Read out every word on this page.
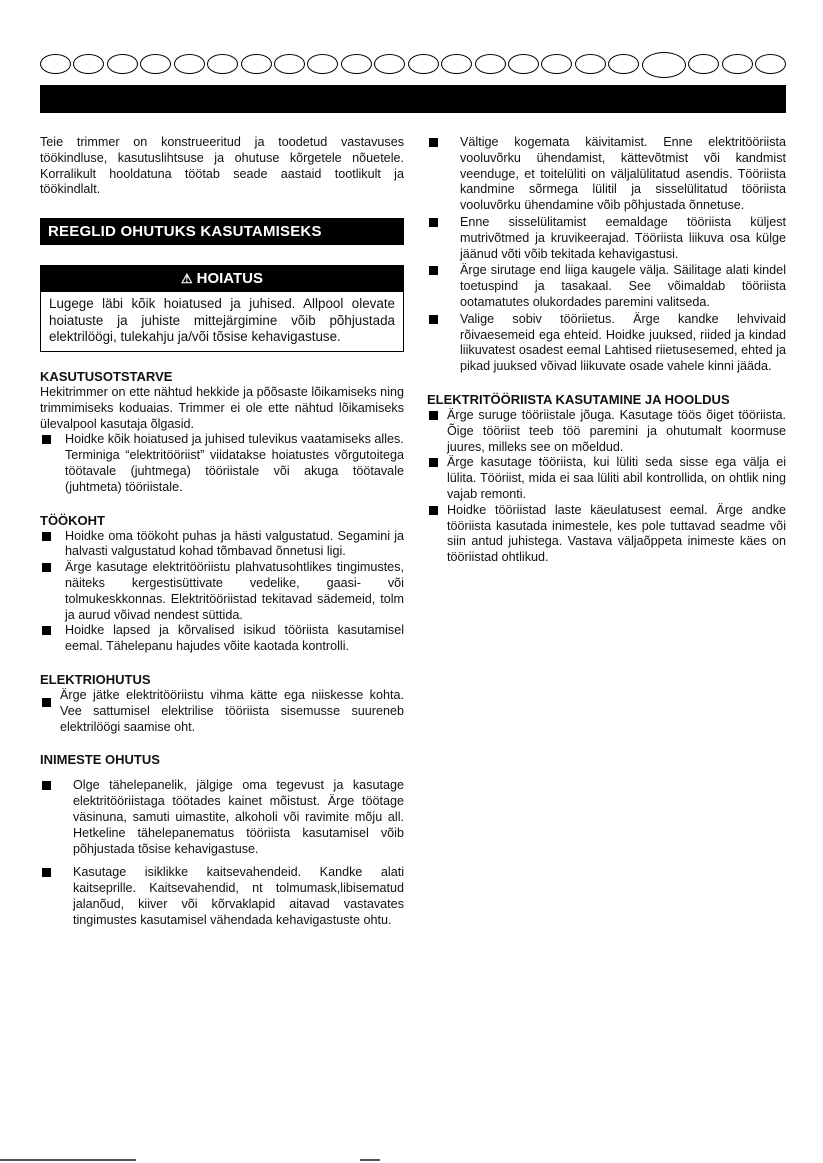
Teie trimmer on konstrueeritud ja toodetud vastavuses töökindluse, kasutuslihtsuse ja ohutuse kõrgetele nõuetele. Korralikult hooldatuna töötab seade aastaid tootlikult ja töökindlalt.

REEGLID OHUTUKS KASUTAMISEKS
⚠ HOIATUS
Lugege läbi kõik hoiatused ja juhised. Allpool olevate hoiatuste ja juhiste mittejärgimine võib põhjustada elektrilöögi, tulekahju ja/või tõsise kehavigastuse.
KASUTUSOTSTARVE

Hekitrimmer on ette nähtud hekkide ja põõsaste lõikamiseks ning trimmimiseks koduaias. Trimmer ei ole ette nähtud lõikamiseks ülevalpool kasutaja õlgasid.

Hoidke kõik hoiatused ja juhised tulevikus vaatamiseks alles.

Terminiga “elektritööriist” viidatakse hoiatustes võrgutoitega töötavale (juhtmega) tööriistale või akuga töötavale (juhtmeta) tööriistale.

TÖÖKOHT
Hoidke oma töökoht puhas ja hästi valgustatud. Segamini ja halvasti valgustatud kohad tõmbavad õnnetusi ligi.
Ärge kasutage elektritööriistu plahvatusohtlikes tingimustes, näiteks kergestisüttivate vedelike, gaasi- või tolmukeskkonnas. Elektritööriistad tekitavad sädemeid, tolm ja aurud võivad nendest süttida.
Hoidke lapsed ja kõrvalised isikud tööriista kasutamisel eemal. Tähelepanu hajudes võite kaotada kontrolli.
ELEKTRIOHUTUS
Ärge jätke elektritööriistu vihma kätte ega niiskesse kohta. Vee sattumisel elektrilise tööriista sisemusse suureneb elektrilöögi saamise oht.
INIMESTE OHUTUS
Olge tähelepanelik, jälgige oma tegevust ja kasutage elektritööriistaga töötades kainet mõistust. Ärge töötage väsinuna, samuti uimastite, alkoholi või ravimite mõju all. Hetkeline tähelepanematus tööriista kasutamisel võib põhjustada tõsise kehavigastuse.
Kasutage isiklikke kaitsevahendeid. Kandke alati kaitseprille. Kaitsevahendid, nt tolmumask,libisematud jalanõud, kiiver või kõrvaklapid aitavad vastavates tingimustes kasutamisel vähendada kehavigastuste ohtu.
Vältige kogemata käivitamist. Enne elektritööriista vooluvõrku ühendamist, kättevõtmist või kandmist veenduge, et toitelüliti on väljalülitatud asendis. Tööriista kandmine sõrmega lülitil ja sisselülitatud tööriista vooluvõrku ühendamine võib põhjustada õnnetuse.
Enne sisselülitamist eemaldage tööriista küljest mutrivõtmed ja kruvikeerajad. Tööriista liikuva osa külge jäänud võti võib tekitada kehavigastusi.
Ärge sirutage end liiga kaugele välja. Säilitage alati kindel toetuspind ja tasakaal. See võimaldab tööriista ootamatutes olukordades paremini valitseda.
Valige sobiv tööriietus. Ärge kandke lehvivaid rõivaesemeid ega ehteid. Hoidke juuksed, riided ja kindad liikuvatest osadest eemal Lahtised riietusesemed, ehted ja pikad juuksed võivad liikuvate osade vahele kinni jääda.
ELEKTRITÖÖRIISTA KASUTAMINE JA HOOLDUS
Ärge suruge tööriistale jõuga. Kasutage töös õiget tööriista. Õige tööriist teeb töö paremini ja ohutumalt koormuse juures, milleks see on mõeldud.
Ärge kasutage tööriista, kui lüliti seda sisse ega välja ei lülita. Tööriist, mida ei saa lüliti abil kontrollida, on ohtlik ning vajab remonti.
Hoidke tööriistad laste käeulatusest eemal. Ärge andke tööriista kasutada inimestele, kes pole tuttavad seadme või siin antud juhistega. Vastava väljaõppeta inimeste käes on tööriistad ohtlikud.
